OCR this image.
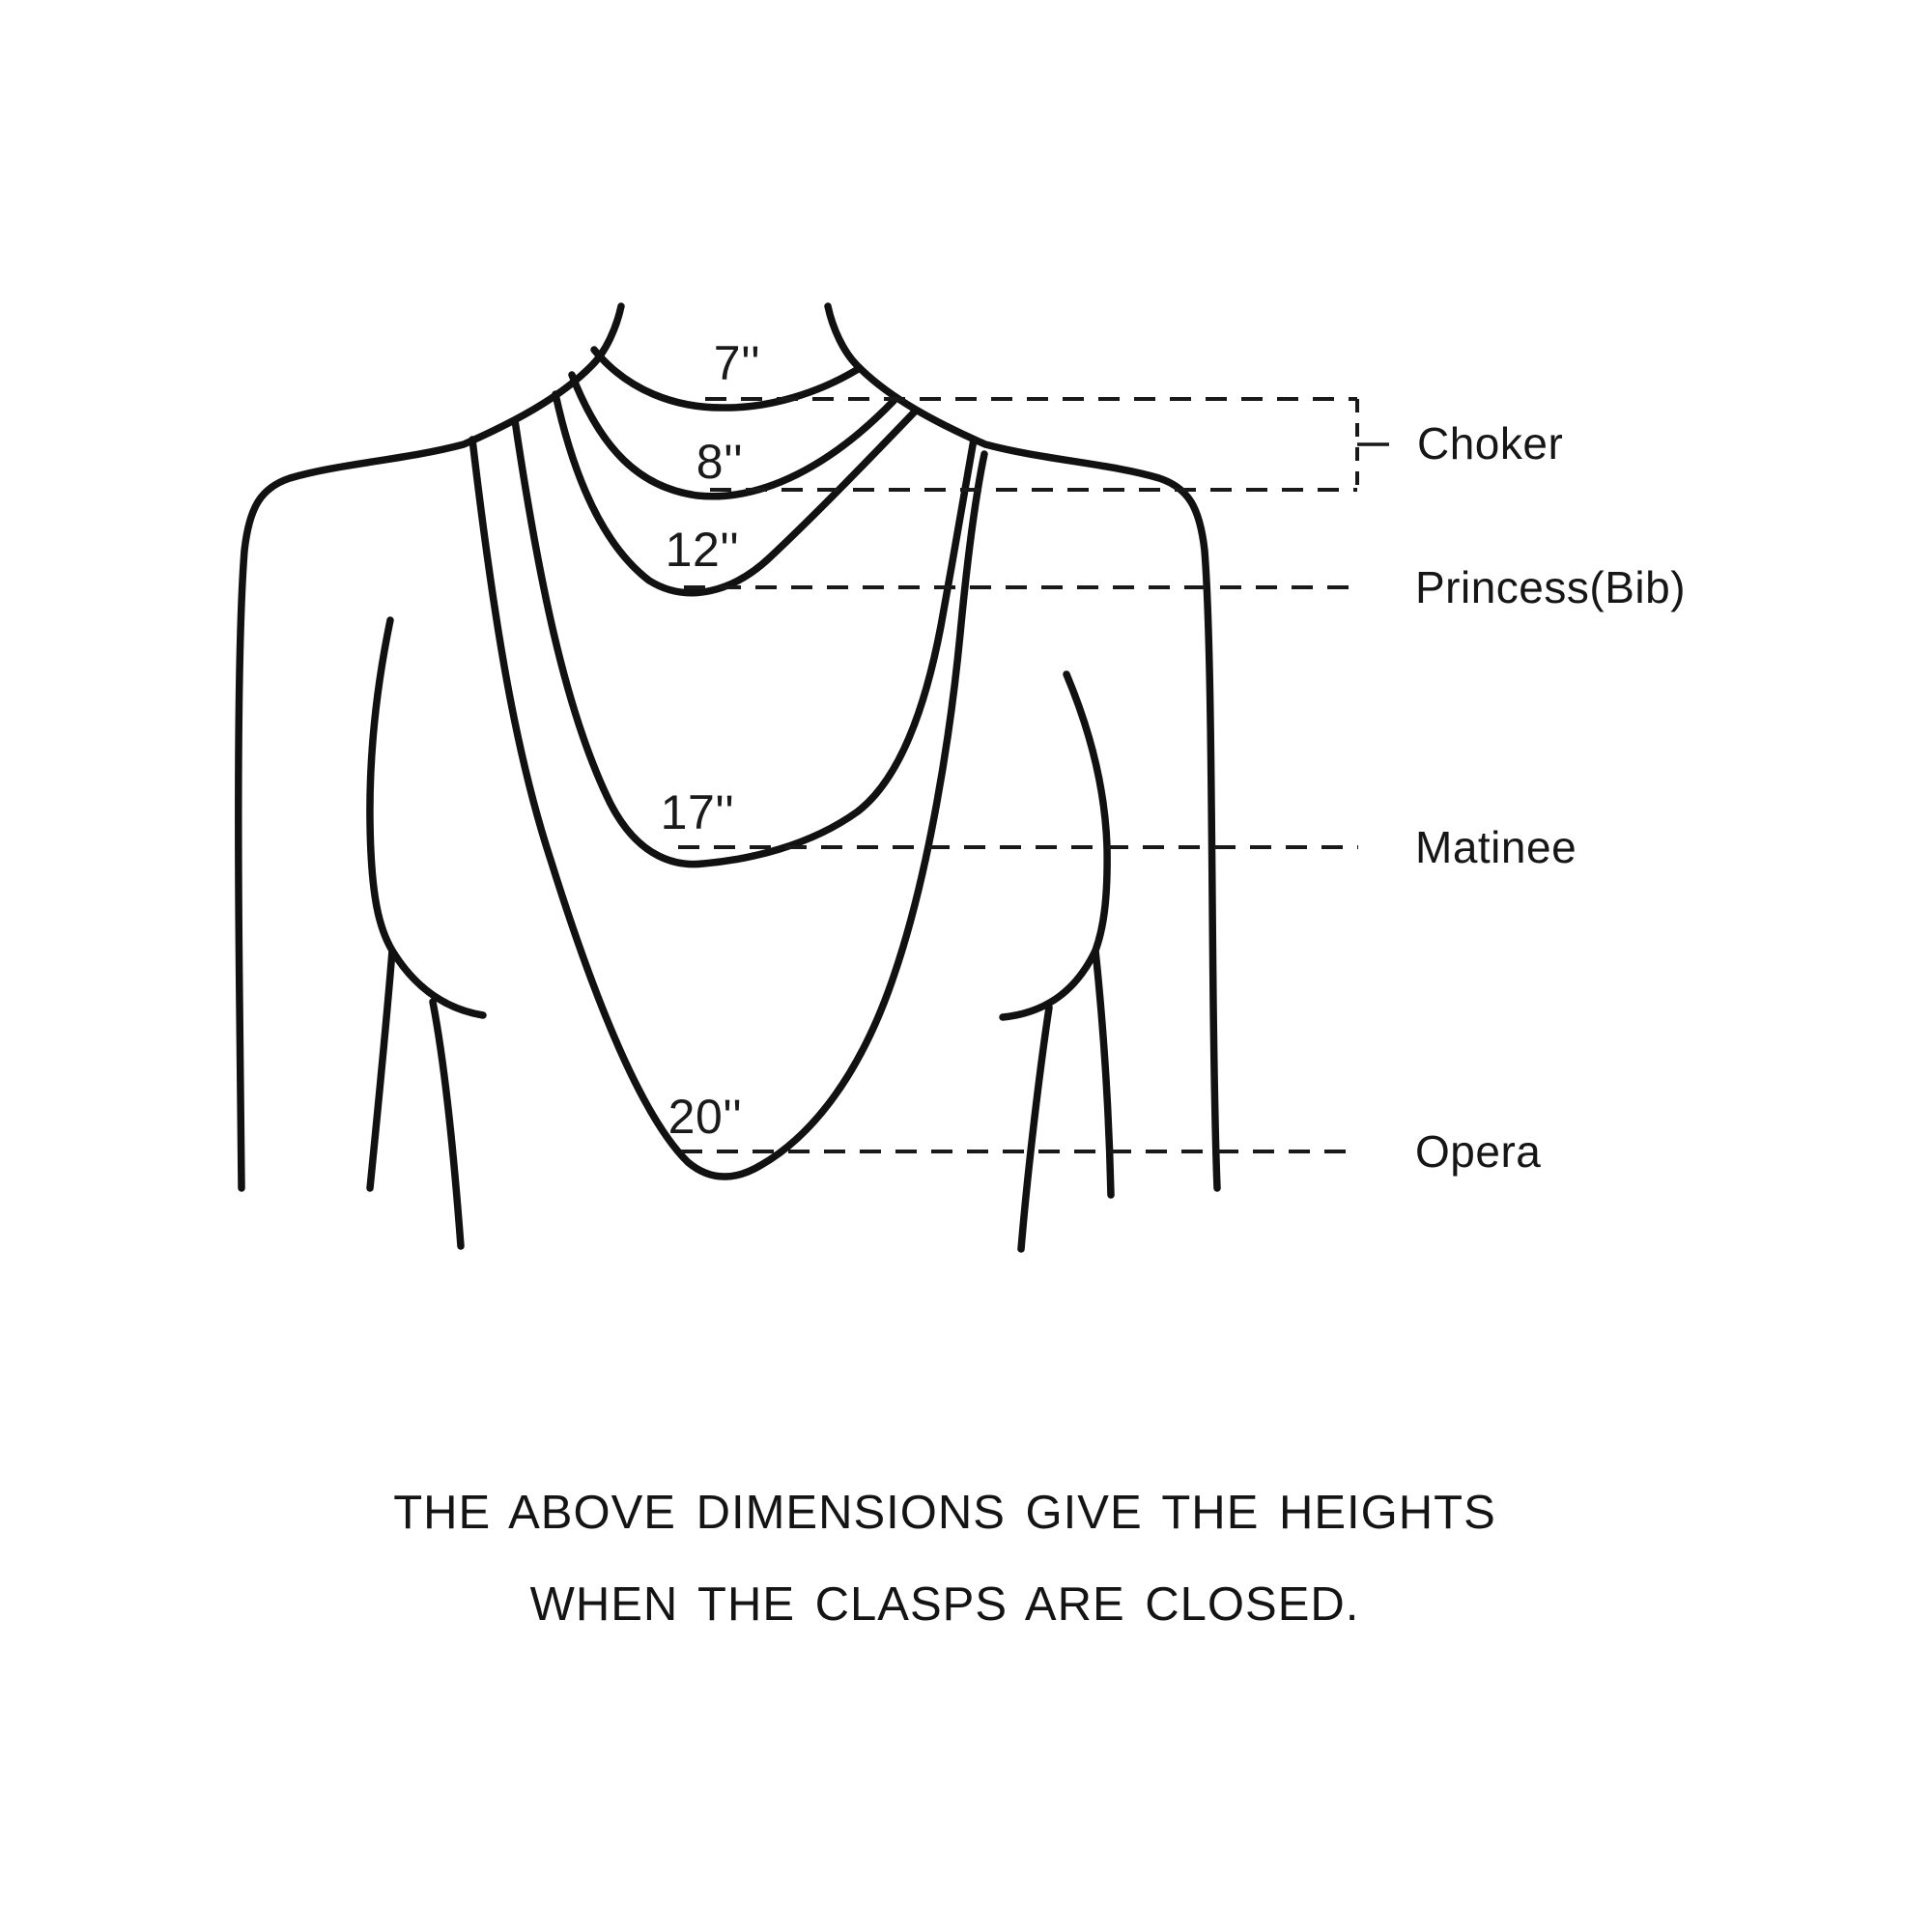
7''
8''
12''
17''
20''
Choker
Princess(Bib)
Matinee
Opera
THE ABOVE DIMENSIONS GIVE THE HEIGHTS
WHEN THE CLASPS ARE CLOSED.
